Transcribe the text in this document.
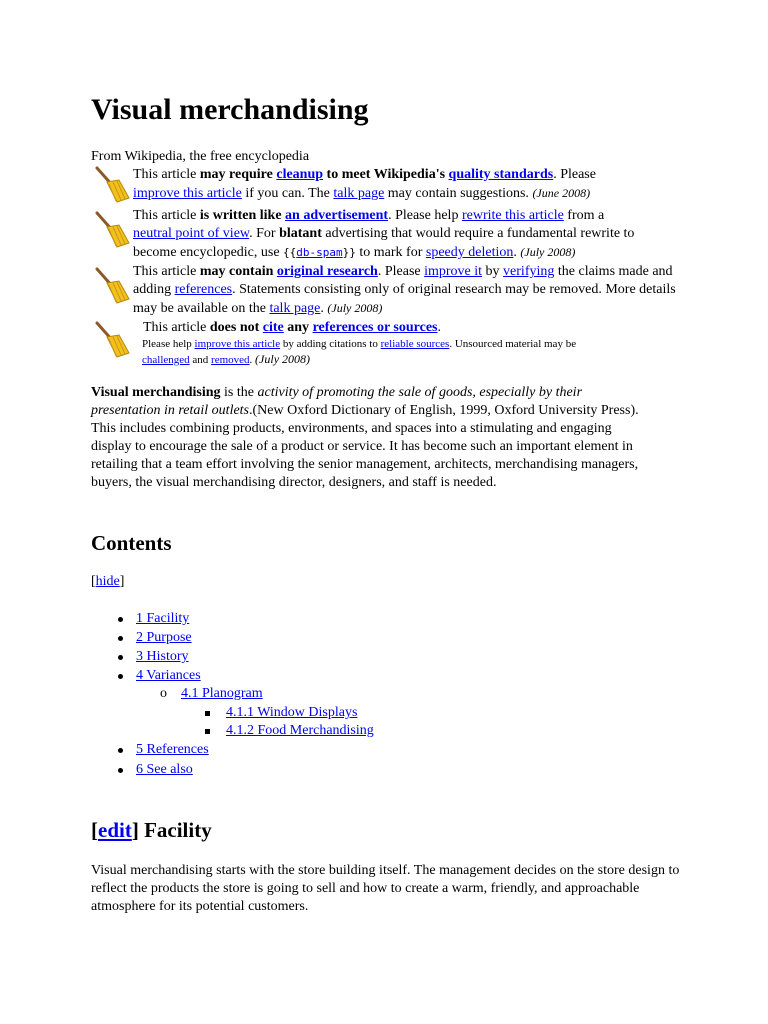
Visual merchandising
From Wikipedia, the free encyclopedia
This article may require cleanup to meet Wikipedia's quality standards. Please
improve this article if you can. The talk page may contain suggestions. (June 2008)
This article is written like an advertisement. Please help rewrite this article from a
neutral point of view. For blatant advertising that would require a fundamental rewrite to become encyclopedic, use {{db-spam}} to mark for speedy deletion. (July 2008)
This article may contain original research. Please improve it by verifying the claims made and adding references. Statements consisting only of original research may be removed. More details may be available on the talk page. (July 2008)
This article does not cite any references or sources.
Please help improve this article by adding citations to reliable sources. Unsourced material may be
challenged and removed. (July 2008)
Visual merchandising is the activity of promoting the sale of goods, especially by their presentation in retail outlets.(New Oxford Dictionary of English, 1999, Oxford University Press). This includes combining products, environments, and spaces into a stimulating and engaging display to encourage the sale of a product or service. It has become such an important element in retailing that a team effort involving the senior management, architects, merchandising managers, buyers, the visual merchandising director, designers, and staff is needed.
Contents
[hide]
1 Facility
2 Purpose
3 History
4 Variances
o 4.1 Planogram
4.1.1 Window Displays
4.1.2 Food Merchandising
5 References
6 See also
[edit] Facility
Visual merchandising starts with the store building itself. The management decides on the store design to reflect the products the store is going to sell and how to create a warm, friendly, and approachable atmosphere for its potential customers.
